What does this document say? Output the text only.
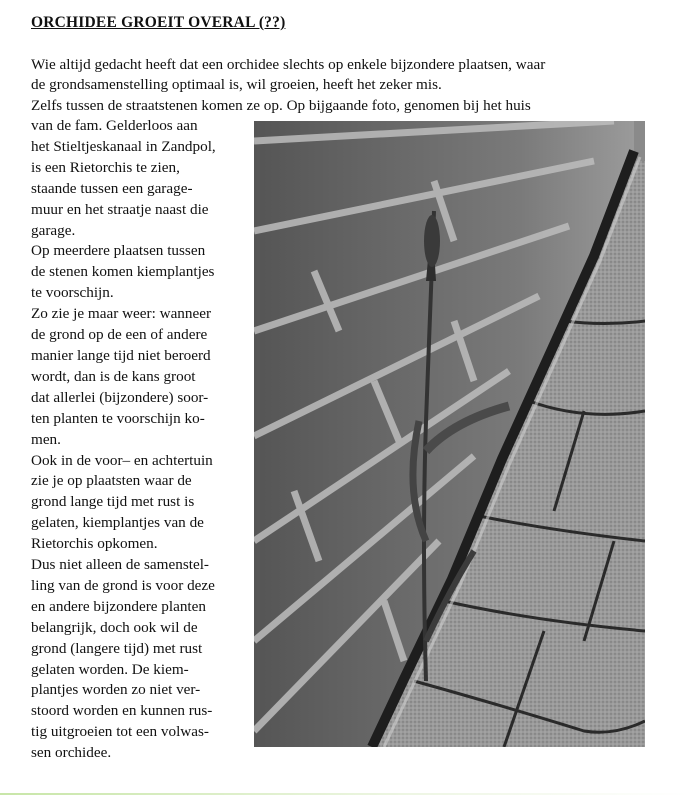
ORCHIDEE GROEIT OVERAL (??)

Wie altijd gedacht heeft dat een orchidee slechts op enkele bijzondere plaatsen, waar

de grondsamenstelling optimaal is, wil groeien, heeft het zeker mis.

Zelfs tussen de straatstenen komen ze op. Op bijgaande foto, genomen bij het huis

van de fam. Gelderloos aan
het Stieltjeskanaal in Zandpol,
is een Rietorchis te zien,
staande tussen een garage-
muur en het straatje naast die
garage.
Op meerdere plaatsen tussen
de stenen komen kiemplantjes
te voorschijn.
Zo zie je maar weer: wanneer
de grond op de een of andere
manier lange tijd niet beroerd
wordt, dan is de kans groot
dat allerlei (bijzondere) soor-
ten planten te voorschijn ko-
men.
Ook in de voor– en achtertuin
zie je op plaatsten waar de
grond lange tijd met rust is
gelaten, kiemplantjes van de
Rietorchis opkomen.
Dus niet alleen de samenstel-
ling van de grond is voor deze
en andere bijzondere planten
belangrijk, doch ook wil de
grond (langere tijd) met rust
gelaten worden. De kiem-
plantjes worden zo niet ver-
stoord worden en kunnen rus-
tig uitgroeien tot een volwas-
sen orchidee.
